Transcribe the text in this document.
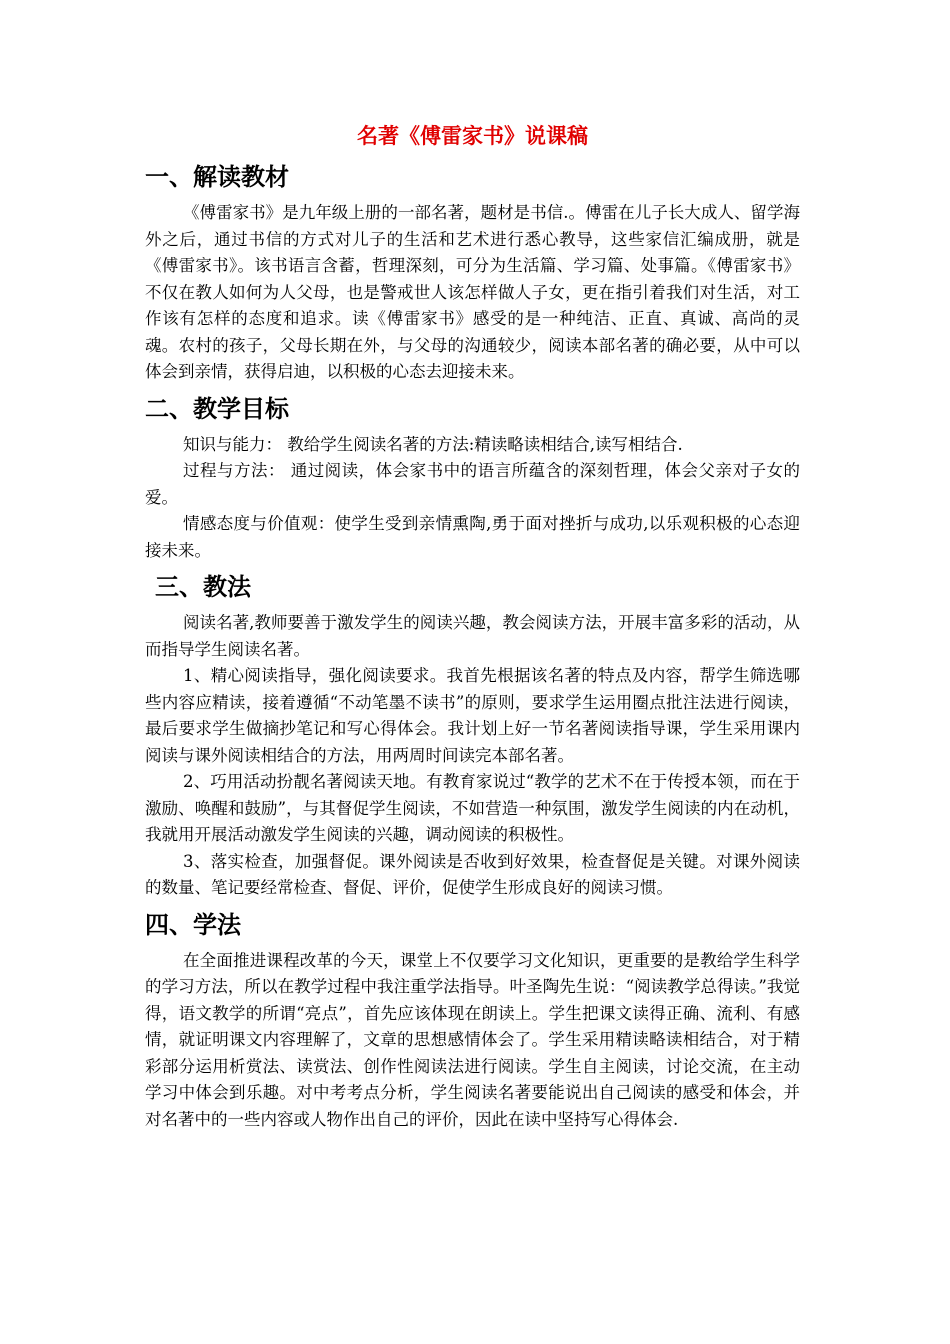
名著《傅雷家书》说课稿
一、解读教材

《傅雷家书》是九年级上册的一部名著，题材是书信.。傅雷在儿子长大成人、留学海外之后，通过书信的方式对儿子的生活和艺术进行悉心教导，这些家信汇编成册，就是《傅雷家书》。该书语言含蓄，哲理深刻，可分为生活篇、学习篇、处事篇。《傅雷家书》不仅在教人如何为人父母，也是警戒世人该怎样做人子女，更在指引着我们对生活，对工作该有怎样的态度和追求。读《傅雷家书》感受的是一种纯洁、正直、真诚、高尚的灵魂。农村的孩子，父母长期在外，与父母的沟通较少，阅读本部名著的确必要，从中可以体会到亲情，获得启迪，以积极的心态去迎接未来。

二、教学目标

知识与能力： 教给学生阅读名著的方法:精读略读相结合,读写相结合.

过程与方法： 通过阅读，体会家书中的语言所蕴含的深刻哲理，体会父亲对子女的爱。

情感态度与价值观：使学生受到亲情熏陶,勇于面对挫折与成功,以乐观积极的心态迎接未来。

三、教法

阅读名著,教师要善于激发学生的阅读兴趣，教会阅读方法，开展丰富多彩的活动，从而指导学生阅读名著。

1、精心阅读指导，强化阅读要求。我首先根据该名著的特点及内容，帮学生筛选哪些内容应精读，接着遵循“不动笔墨不读书”的原则，要求学生运用圈点批注法进行阅读，最后要求学生做摘抄笔记和写心得体会。我计划上好一节名著阅读指导课，学生采用课内阅读与课外阅读相结合的方法，用两周时间读完本部名著。

2、巧用活动扮靓名著阅读天地。有教育家说过“教学的艺术不在于传授本领，而在于激励、唤醒和鼓励”，与其督促学生阅读，不如营造一种氛围，激发学生阅读的内在动机，我就用开展活动激发学生阅读的兴趣，调动阅读的积极性。

3、落实检查，加强督促。课外阅读是否收到好效果，检查督促是关键。对课外阅读的数量、笔记要经常检查、督促、评价，促使学生形成良好的阅读习惯。

四、学法

在全面推进课程改革的今天，课堂上不仅要学习文化知识，更重要的是教给学生科学的学习方法，所以在教学过程中我注重学法指导。叶圣陶先生说：“阅读教学总得读。”我觉得，语文教学的所谓“亮点”，首先应该体现在朗读上。学生把课文读得正确、流利、有感情，就证明课文内容理解了，文章的思想感情体会了。学生采用精读略读相结合，对于精彩部分运用析赏法、读赏法、创作性阅读法进行阅读。学生自主阅读，讨论交流，在主动学习中体会到乐趣。对中考考点分析，学生阅读名著要能说出自己阅读的感受和体会，并对名著中的一些内容或人物作出自己的评价，因此在读中坚持写心得体会.
